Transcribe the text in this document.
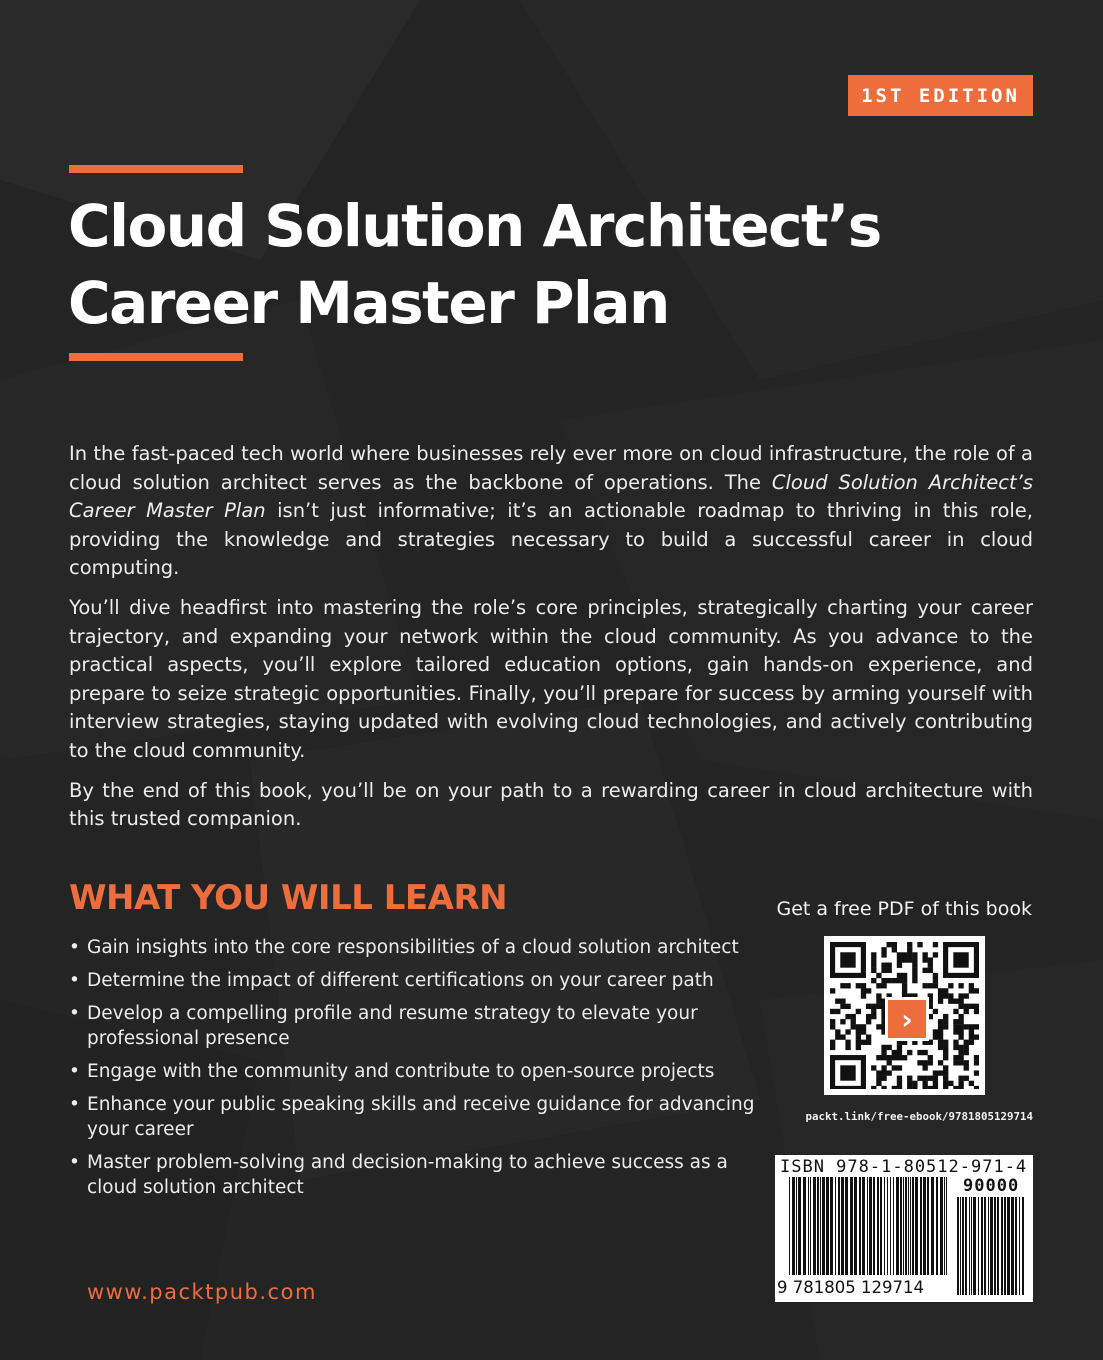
1ST EDITION
Cloud Solution Architect’s
Career Master Plan

In the fast-paced tech world where businesses rely ever more on cloud infrastructure, the role of a cloud solution architect serves as the backbone of operations. The Cloud Solution Architect’s Career Master Plan isn’t just informative; it’s an actionable roadmap to thriving in this role, providing the knowledge and strategies necessary to build a successful career in cloud computing.

You’ll dive headfirst into mastering the role’s core principles, strategically charting your career trajectory, and expanding your network within the cloud community. As you advance to the practical aspects, you’ll explore tailored education options, gain hands-on experience, and prepare to seize strategic opportunities. Finally, you’ll prepare for success by arming yourself with interview strategies, staying updated with evolving cloud technologies, and actively contributing to the cloud community.

By the end of this book, you’ll be on your path to a rewarding career in cloud architecture with this trusted companion.

WHAT YOU WILL LEARN
• Gain insights into the core responsibilities of a cloud solution architect
• Determine the impact of different certifications on your career path
• Develop a compelling profile and resume strategy to elevate your professional presence
• Engage with the community and contribute to open-source projects
• Enhance your public speaking skills and receive guidance for advancing your career
• Master problem-solving and decision-making to achieve success as a cloud solution architect
www.packtpub.com
Get a free PDF of this book
›
packt.link/free-ebook/9781805129714
ISBN 978-1-80512-971-4
90000
9 781805 129714
